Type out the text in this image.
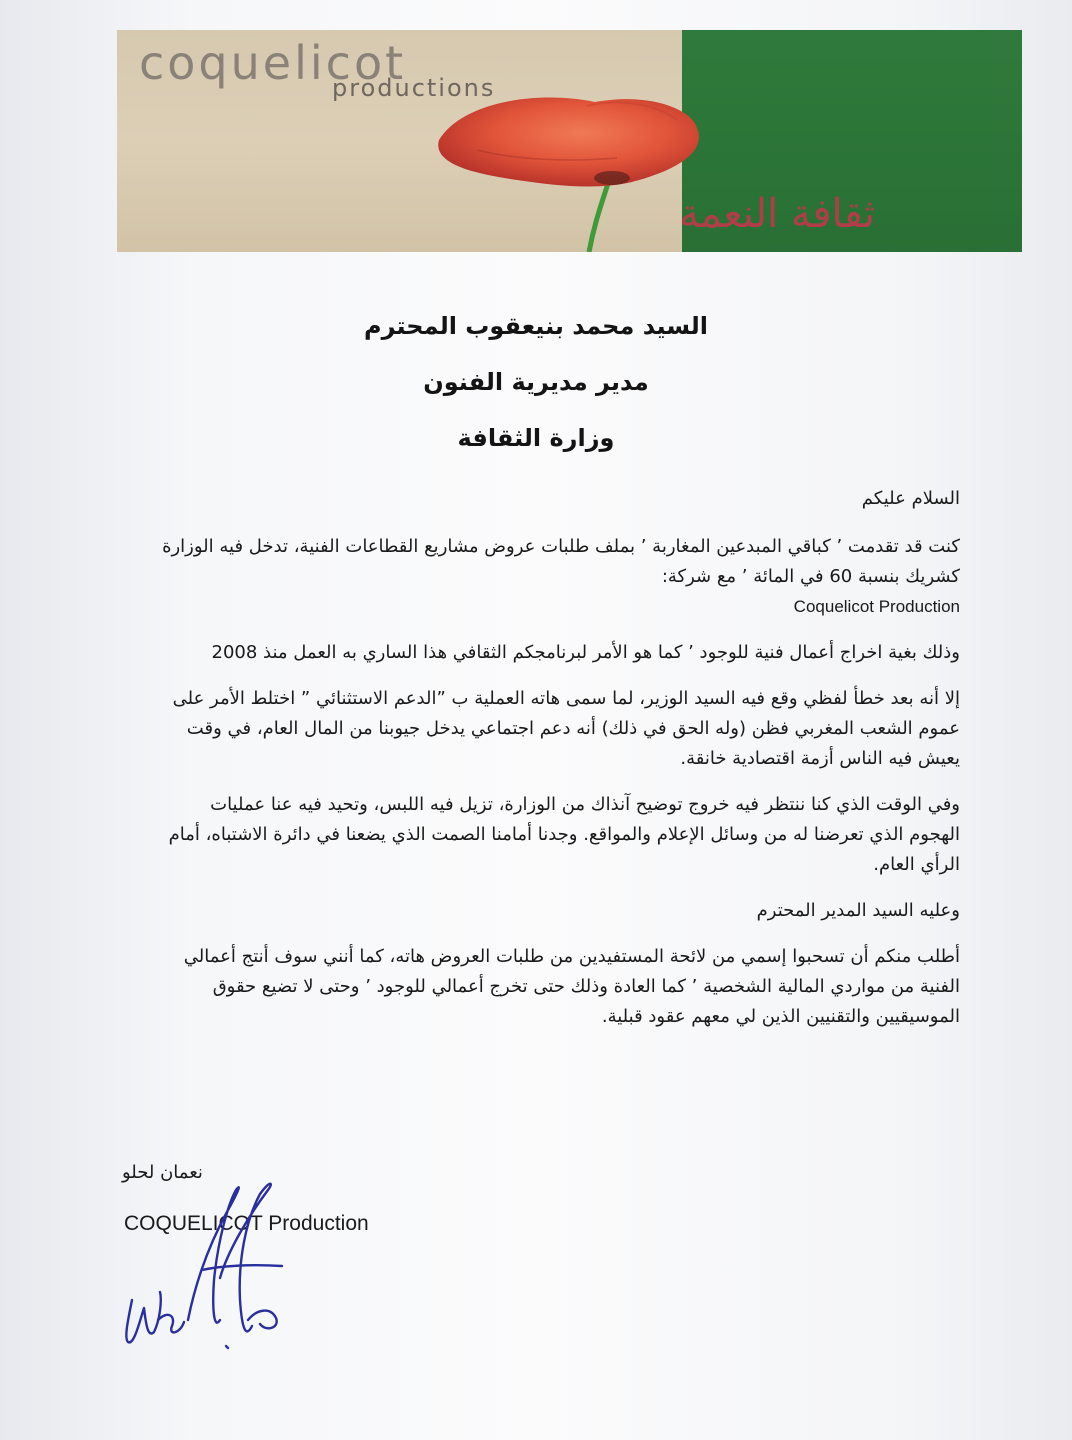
coquelicot
productions
ثقافة النعمة
السيد محمد بنيعقوب المحترم
مدير مديرية الفنون
وزارة الثقافة

السلام عليكم

كنت قد تقدمت ’ كباقي المبدعين المغاربة ’ بملف طلبات عروض مشاريع القطاعات الفنية، تدخل فيه الوزارة كشريك بنسبة 60 في المائة ’ مع شركة:

Coquelicot Production

وذلك بغية اخراج أعمال فنية للوجود ’ كما هو الأمر لبرنامجكم الثقافي هذا الساري به العمل منذ 2008

إلا أنه بعد خطأ لفظي وقع فيه السيد الوزير، لما سمى هاته العملية ب ”الدعم الاستثنائي ” اختلط الأمر على عموم الشعب المغربي فظن (وله الحق في ذلك) أنه دعم اجتماعي يدخل جيوبنا من المال العام، في وقت يعيش فيه الناس أزمة اقتصادية خانقة.

وفي الوقت الذي كنا ننتظر فيه خروج توضيح آنذاك من الوزارة، تزيل فيه اللبس، وتحيد فيه عنا عمليات الهجوم الذي تعرضنا له من وسائل الإعلام والمواقع. وجدنا أمامنا الصمت الذي يضعنا في دائرة الاشتباه، أمام الرأي العام.

وعليه السيد المدير المحترم

أطلب منكم أن تسحبوا إسمي من لائحة المستفيدين من طلبات العروض هاته، كما أنني سوف أنتج أعمالي الفنية من مواردي المالية الشخصية ’ كما العادة وذلك حتى تخرج أعمالي للوجود ’ وحتى لا تضيع حقوق الموسيقيين والتقنيين الذين لي معهم عقود قبلية.

نعمان لحلو
COQUELICOT Production
